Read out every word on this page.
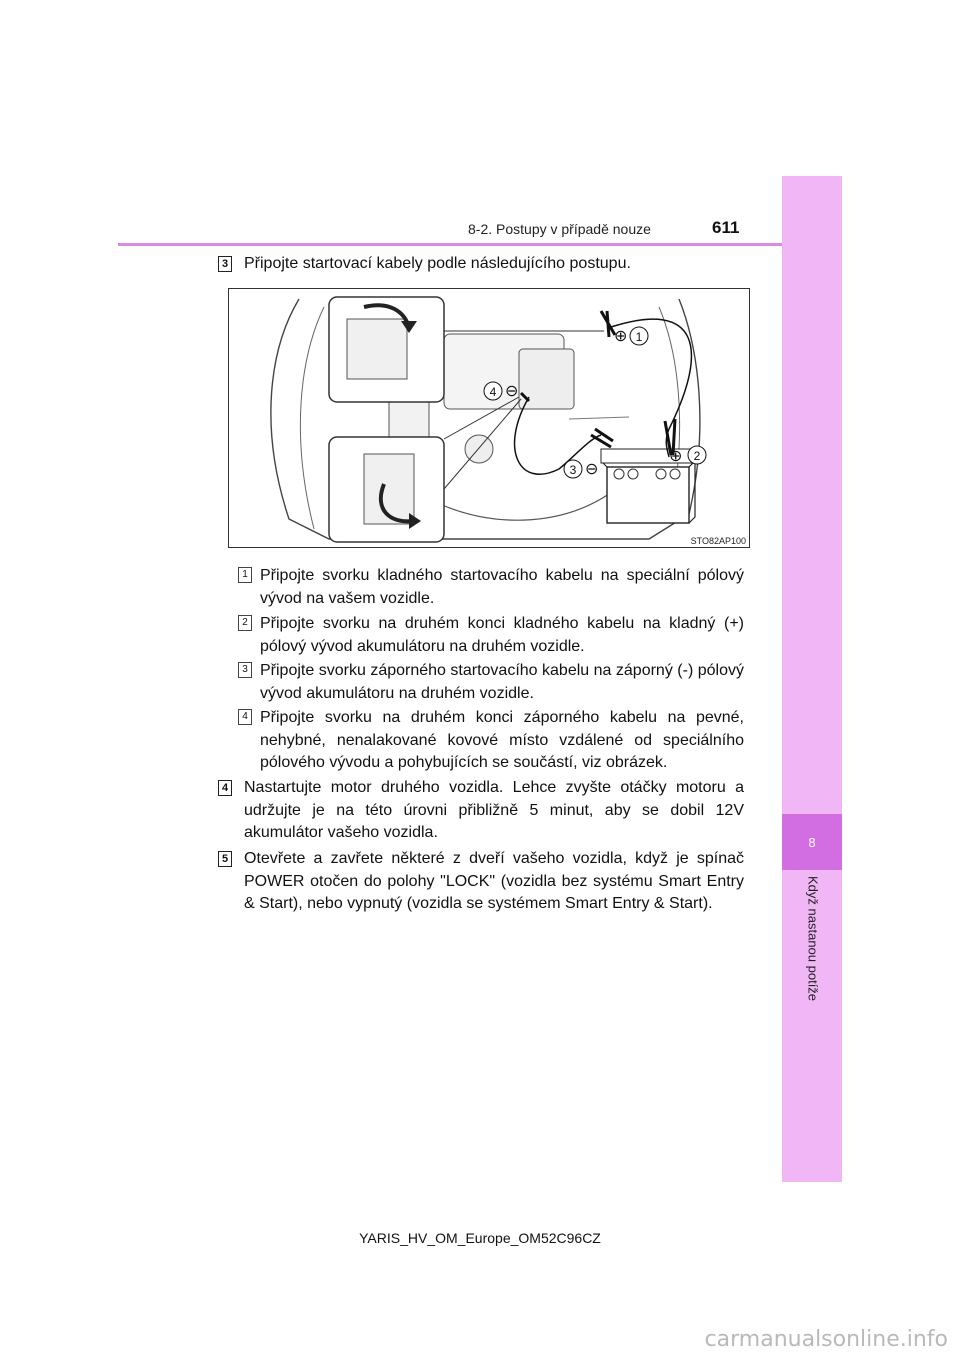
8
Když nastanou potíže
8-2. Postupy v případě nouze	611
3 Připojte startovací kabely podle následujícího postupu.
⊕ 1
⊕ 2
3 ⊖
4 ⊖
STO82AP100
1 Připojte svorku kladného startovacího kabelu na speciální pólový vývod na vašem vozidle.
2 Připojte svorku na druhém konci kladného kabelu na kladný (+) pólový vývod akumulátoru na druhém vozidle.
3 Připojte svorku záporného startovacího kabelu na záporný (-) pólový vývod akumulátoru na druhém vozidle.
4 Připojte svorku na druhém konci záporného kabelu na pevné, nehybné, nenalakované kovové místo vzdálené od speciálního pólového vývodu a pohybujících se součástí, viz obrázek.
4 Nastartujte motor druhého vozidla. Lehce zvyšte otáčky motoru a udržujte je na této úrovni přibližně 5 minut, aby se dobil 12V akumulátor vašeho vozidla.
5 Otevřete a zavřete některé z dveří vašeho vozidla, když je spínač POWER otočen do polohy "LOCK" (vozidla bez systému Smart Entry & Start), nebo vypnutý (vozidla se systémem Smart Entry & Start).
YARIS_HV_OM_Europe_OM52C96CZ
carmanualsonline.info
